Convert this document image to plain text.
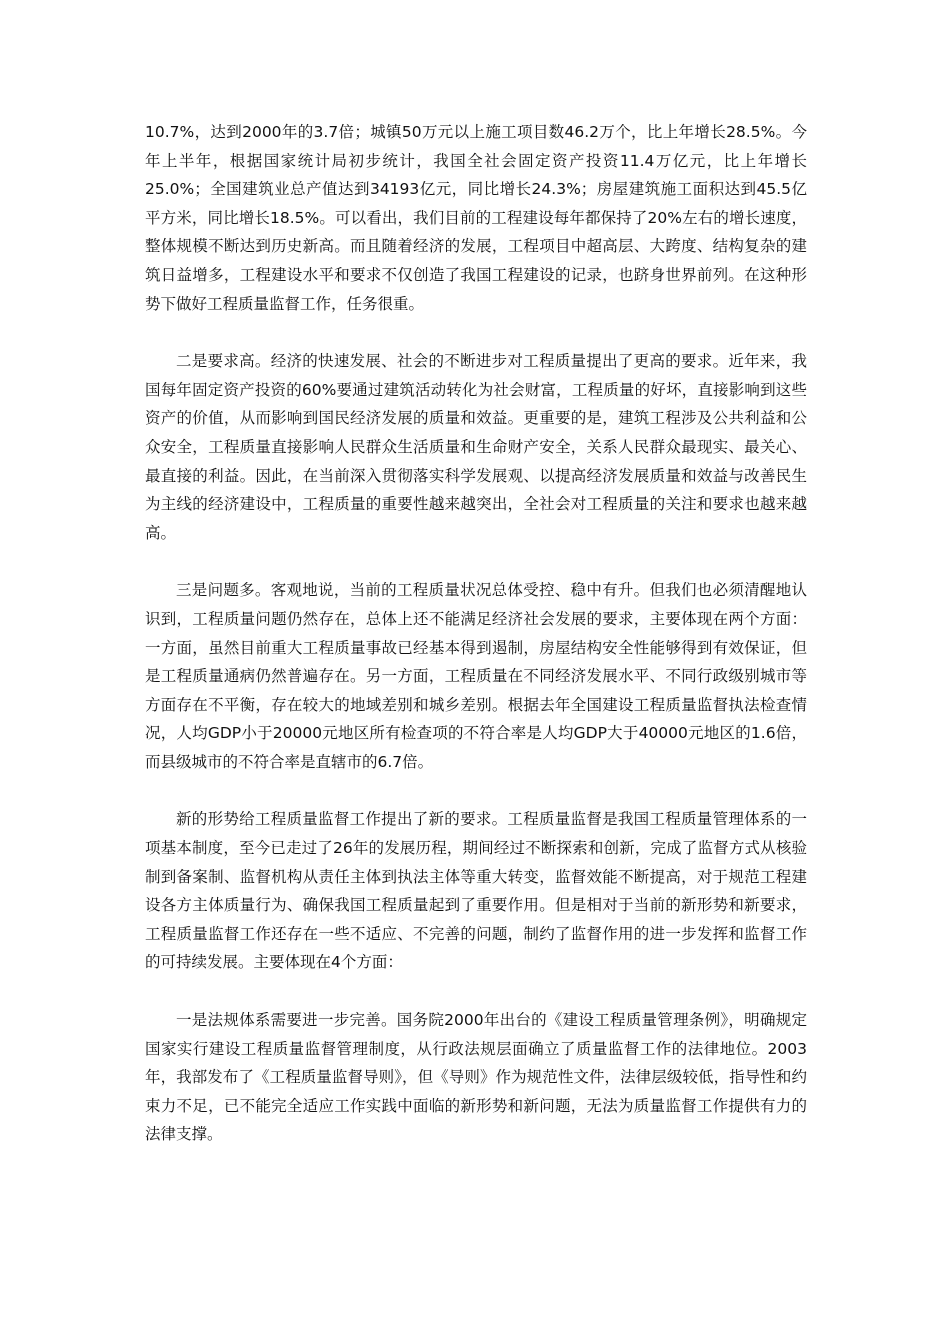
10.7%，达到2000年的3.7倍；城镇50万元以上施工项目数46.2万个，比上年增长28.5%。今年上半年，根据国家统计局初步统计，我国全社会固定资产投资11.4万亿元，比上年增长25.0%；全国建筑业总产值达到34193亿元，同比增长24.3%；房屋建筑施工面积达到45.5亿平方米，同比增长18.5%。可以看出，我们目前的工程建设每年都保持了20%左右的增长速度，整体规模不断达到历史新高。而且随着经济的发展，工程项目中超高层、大跨度、结构复杂的建筑日益增多，工程建设水平和要求不仅创造了我国工程建设的记录，也跻身世界前列。在这种形势下做好工程质量监督工作，任务很重。

二是要求高。经济的快速发展、社会的不断进步对工程质量提出了更高的要求。近年来，我国每年固定资产投资的60%要通过建筑活动转化为社会财富，工程质量的好坏，直接影响到这些资产的价值，从而影响到国民经济发展的质量和效益。更重要的是，建筑工程涉及公共利益和公众安全，工程质量直接影响人民群众生活质量和生命财产安全，关系人民群众最现实、最关心、最直接的利益。因此，在当前深入贯彻落实科学发展观、以提高经济发展质量和效益与改善民生为主线的经济建设中，工程质量的重要性越来越突出，全社会对工程质量的关注和要求也越来越高。

三是问题多。客观地说，当前的工程质量状况总体受控、稳中有升。但我们也必须清醒地认识到，工程质量问题仍然存在，总体上还不能满足经济社会发展的要求，主要体现在两个方面：一方面，虽然目前重大工程质量事故已经基本得到遏制，房屋结构安全性能够得到有效保证，但是工程质量通病仍然普遍存在。另一方面，工程质量在不同经济发展水平、不同行政级别城市等方面存在不平衡，存在较大的地域差别和城乡差别。根据去年全国建设工程质量监督执法检查情况，人均GDP小于20000元地区所有检查项的不符合率是人均GDP大于40000元地区的1.6倍，而县级城市的不符合率是直辖市的6.7倍。

新的形势给工程质量监督工作提出了新的要求。工程质量监督是我国工程质量管理体系的一项基本制度，至今已走过了26年的发展历程，期间经过不断探索和创新，完成了监督方式从核验制到备案制、监督机构从责任主体到执法主体等重大转变，监督效能不断提高，对于规范工程建设各方主体质量行为、确保我国工程质量起到了重要作用。但是相对于当前的新形势和新要求，工程质量监督工作还存在一些不适应、不完善的问题，制约了监督作用的进一步发挥和监督工作的可持续发展。主要体现在4个方面：

一是法规体系需要进一步完善。国务院2000年出台的《建设工程质量管理条例》，明确规定国家实行建设工程质量监督管理制度，从行政法规层面确立了质量监督工作的法律地位。2003年，我部发布了《工程质量监督导则》，但《导则》作为规范性文件，法律层级较低，指导性和约束力不足，已不能完全适应工作实践中面临的新形势和新问题，无法为质量监督工作提供有力的法律支撑。
